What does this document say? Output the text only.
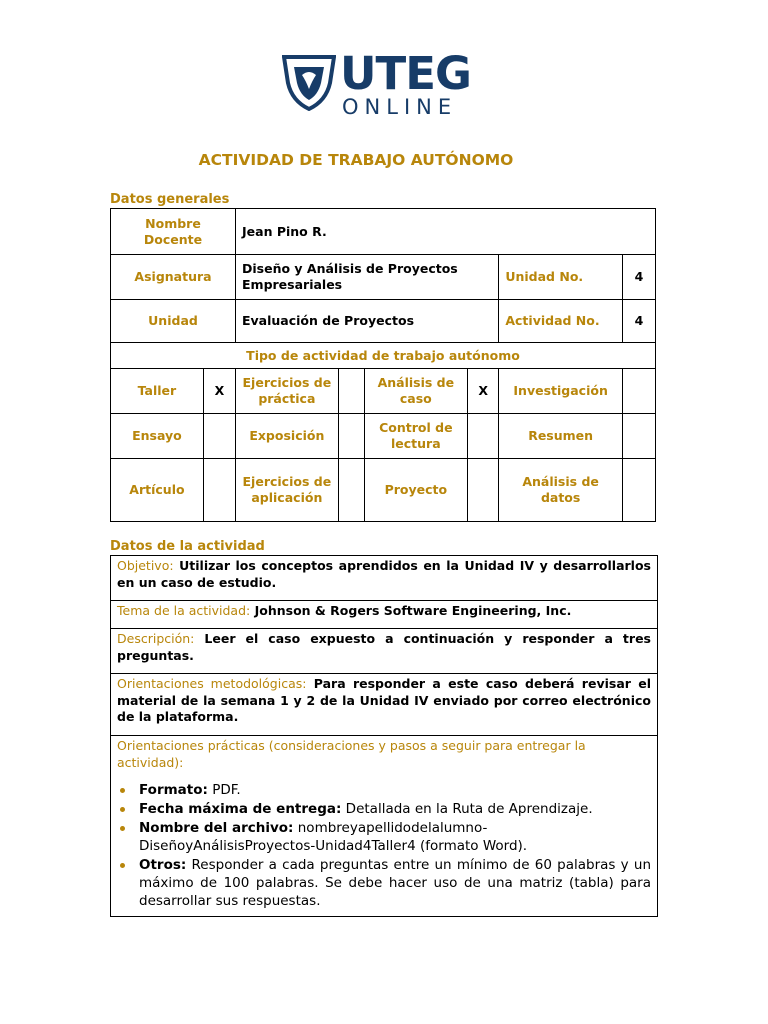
UTEG
ONLINE
ACTIVIDAD DE TRABAJO AUTÓNOMO
Datos generales
Nombre Docente		Jean Pino R.					
Asignatura		Diseño y Análisis de Proyectos Empresariales				Unidad No.	4
Unidad		Evaluación de Proyectos				Actividad No.	4
Tipo de actividad de trabajo autónomo							
Taller	X	Ejercicios de práctica		Análisis de caso	X	Investigación	
Ensayo		Exposición		Control de lectura		Resumen	
Artículo		Ejercicios de aplicación		Proyecto		Análisis de datos	
Datos de la actividad
Objetivo: Utilizar los conceptos aprendidos en la Unidad IV y desarrollarlos en un caso de estudio.
Tema de la actividad: Johnson & Rogers Software Engineering, Inc.
Descripción: Leer el caso expuesto a continuación y responder a tres preguntas.
Orientaciones metodológicas: Para responder a este caso deberá revisar el material de la semana 1 y 2 de la Unidad IV enviado por correo electrónico de la plataforma.

Orientaciones prácticas (consideraciones y pasos a seguir para entregar la actividad):
Formato: PDF.
Fecha máxima de entrega: Detallada en la Ruta de Aprendizaje.
Nombre del archivo: nombreyapellidodelalumno-DiseñoyAnálisisProyectos-Unidad4Taller4 (formato Word).
Otros: Responder a cada preguntas entre un mínimo de 60 palabras y un máximo de 100 palabras. Se debe hacer uso de una matriz (tabla) para desarrollar sus respuestas.
